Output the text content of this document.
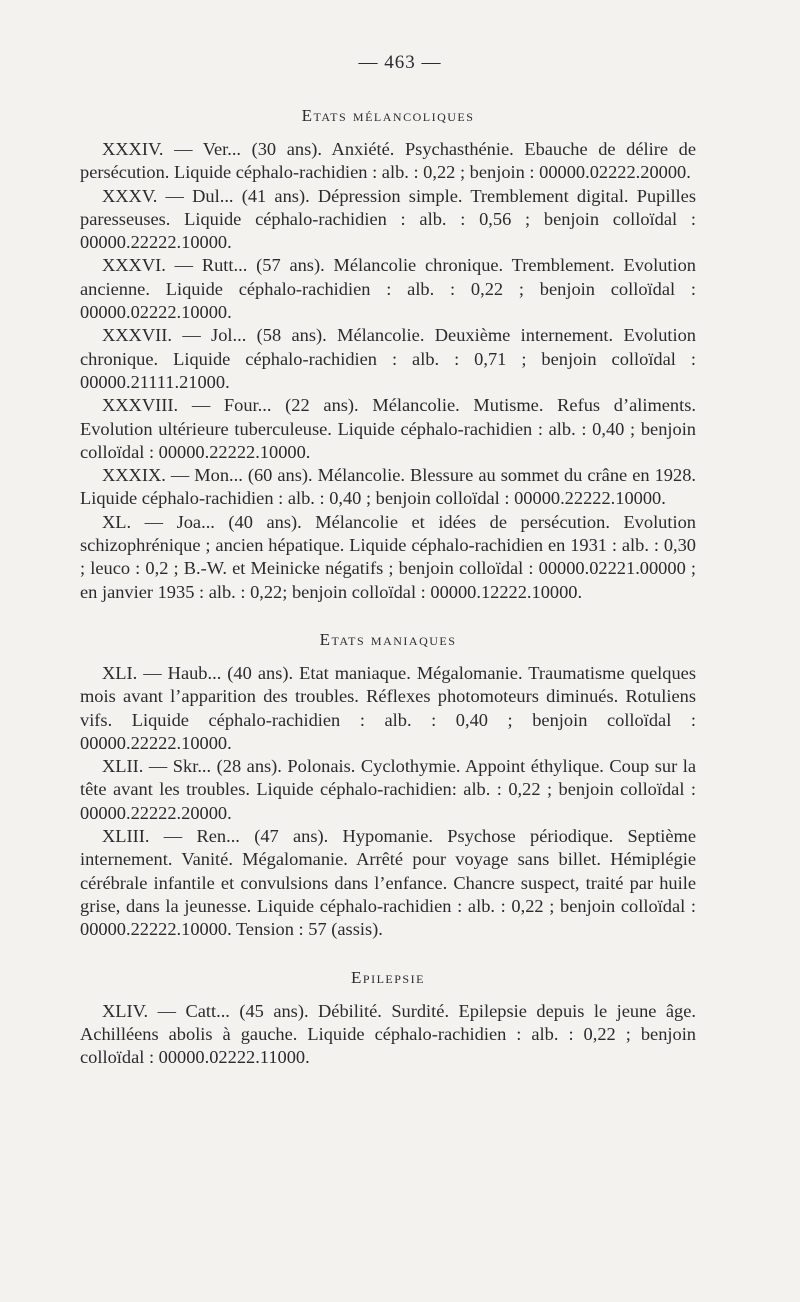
— 463 —
Etats mélancoliques

XXXIV. — Ver... (30 ans). Anxiété. Psychasthénie. Ebauche de délire de persécution. Liquide céphalo-rachidien : alb. : 0,22 ; benjoin : 00000.02222.20000.

XXXV. — Dul... (41 ans). Dépression simple. Tremblement digital. Pupilles paresseuses. Liquide céphalo-rachidien : alb. : 0,56 ; benjoin colloïdal : 00000.22222.10000.

XXXVI. — Rutt... (57 ans). Mélancolie chronique. Tremblement. Evolution ancienne. Liquide céphalo-rachidien : alb. : 0,22 ; benjoin colloïdal : 00000.02222.10000.

XXXVII. — Jol... (58 ans). Mélancolie. Deuxième internement. Evolution chronique. Liquide céphalo-rachidien : alb. : 0,71 ; benjoin colloïdal : 00000.21111.21000.

XXXVIII. — Four... (22 ans). Mélancolie. Mutisme. Refus d’aliments. Evolution ultérieure tuberculeuse. Liquide céphalo-rachidien : alb. : 0,40 ; benjoin colloïdal : 00000.22222.10000.

XXXIX. — Mon... (60 ans). Mélancolie. Blessure au sommet du crâne en 1928. Liquide céphalo-rachidien : alb. : 0,40 ; benjoin colloïdal : 00000.22222.10000.

XL. — Joa... (40 ans). Mélancolie et idées de persécution. Evolution schizophrénique ; ancien hépatique. Liquide céphalo-rachidien en 1931 : alb. : 0,30 ; leuco : 0,2 ; B.-W. et Meinicke négatifs ; benjoin colloïdal : 00000.02221.00000 ; en janvier 1935 : alb. : 0,22; benjoin colloïdal : 00000.12222.10000.

Etats maniaques

XLI. — Haub... (40 ans). Etat maniaque. Mégalomanie. Traumatisme quelques mois avant l’apparition des troubles. Réflexes photomoteurs diminués. Rotuliens vifs. Liquide céphalo-rachidien : alb. : 0,40 ; benjoin colloïdal : 00000.22222.10000.

XLII. — Skr... (28 ans). Polonais. Cyclothymie. Appoint éthylique. Coup sur la tête avant les troubles. Liquide céphalo-rachidien: alb. : 0,22 ; benjoin colloïdal : 00000.22222.20000.

XLIII. — Ren... (47 ans). Hypomanie. Psychose périodique. Septième internement. Vanité. Mégalomanie. Arrêté pour voyage sans billet. Hémiplégie cérébrale infantile et convulsions dans l’enfance. Chancre suspect, traité par huile grise, dans la jeunesse. Liquide céphalo-rachidien : alb. : 0,22 ; benjoin colloïdal : 00000.22222.10000. Tension : 57 (assis).

Epilepsie

XLIV. — Catt... (45 ans). Débilité. Surdité. Epilepsie depuis le jeune âge. Achilléens abolis à gauche. Liquide céphalo-rachidien : alb. : 0,22 ; benjoin colloïdal : 00000.02222.11000.
